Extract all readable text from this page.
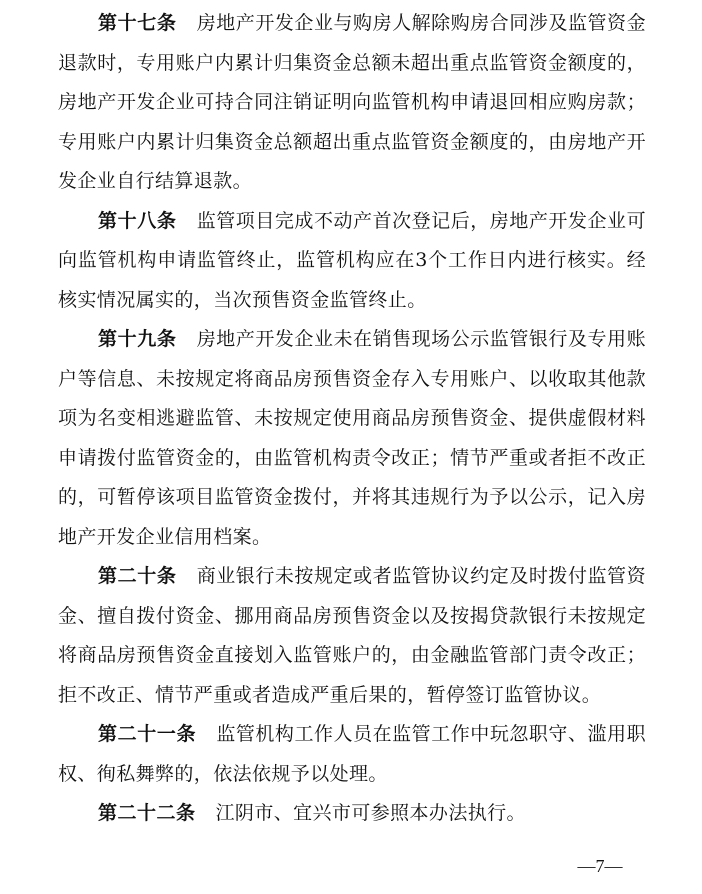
第十七条 房地产开发企业与购房人解除购房合同涉及监管资金退款时，专用账户内累计归集资金总额未超出重点监管资金额度的，房地产开发企业可持合同注销证明向监管机构申请退回相应购房款；专用账户内累计归集资金总额超出重点监管资金额度的，由房地产开发企业自行结算退款。

第十八条 监管项目完成不动产首次登记后，房地产开发企业可向监管机构申请监管终止，监管机构应在3个工作日内进行核实。经核实情况属实的，当次预售资金监管终止。

第十九条 房地产开发企业未在销售现场公示监管银行及专用账户等信息、未按规定将商品房预售资金存入专用账户、以收取其他款项为名变相逃避监管、未按规定使用商品房预售资金、提供虚假材料申请拨付监管资金的，由监管机构责令改正；情节严重或者拒不改正的，可暂停该项目监管资金拨付，并将其违规行为予以公示，记入房地产开发企业信用档案。

第二十条 商业银行未按规定或者监管协议约定及时拨付监管资金、擅自拨付资金、挪用商品房预售资金以及按揭贷款银行未按规定将商品房预售资金直接划入监管账户的，由金融监管部门责令改正；拒不改正、情节严重或者造成严重后果的，暂停签订监管协议。

第二十一条 监管机构工作人员在监管工作中玩忽职守、滥用职权、徇私舞弊的，依法依规予以处理。

第二十二条 江阴市、宜兴市可参照本办法执行。

—7—
